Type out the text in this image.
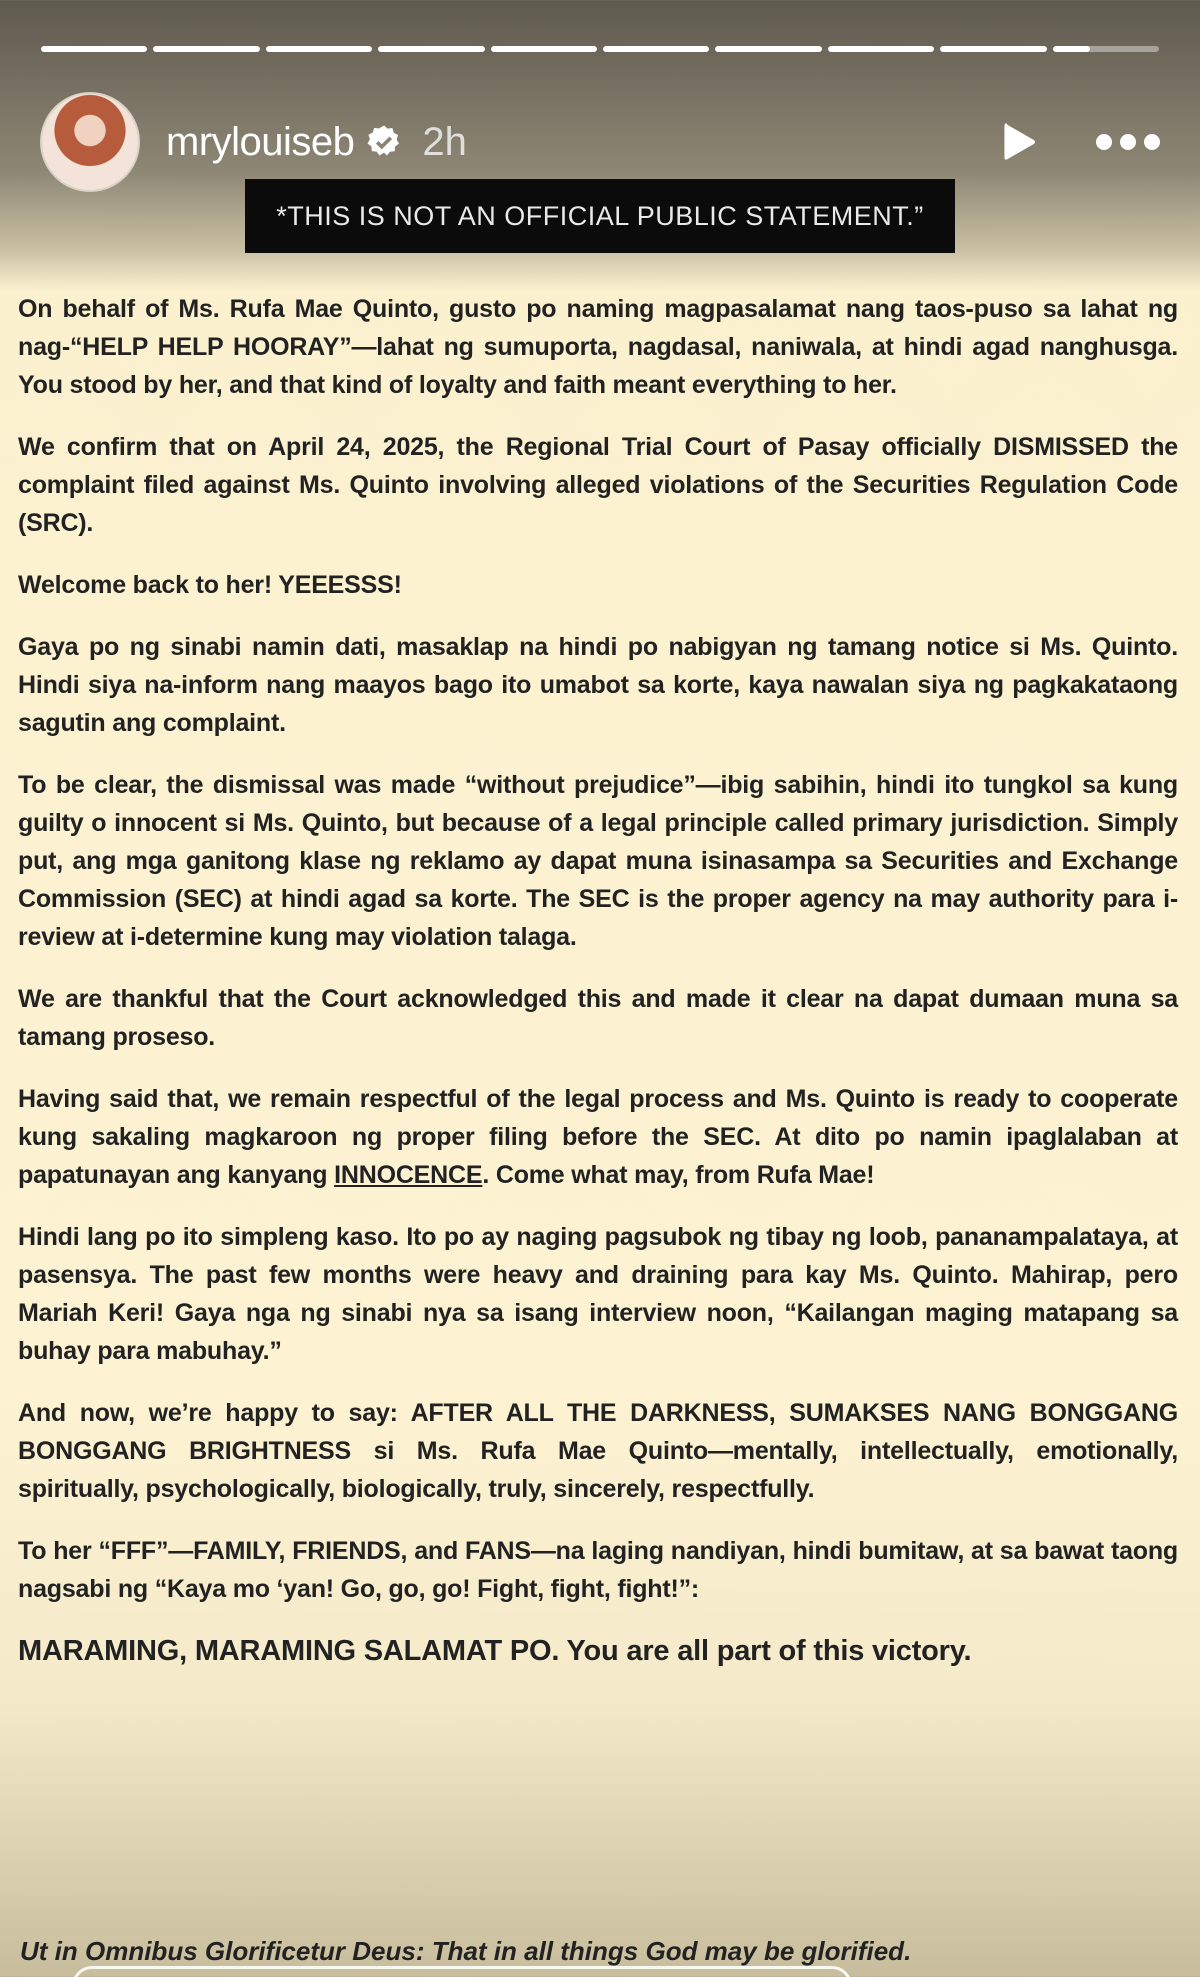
mrylouiseb 2h
*THIS IS NOT AN OFFICIAL PUBLIC STATEMENT.”

On behalf of Ms. Rufa Mae Quinto, gusto po naming magpasalamat nang taos-puso sa lahat ng nag-“HELP HELP HOORAY”—lahat ng sumuporta, nagdasal, naniwala, at hindi agad nanghusga. You stood by her, and that kind of loyalty and faith meant everything to her.

We confirm that on April 24, 2025, the Regional Trial Court of Pasay officially DISMISSED the complaint filed against Ms. Quinto involving alleged violations of the Securities Regulation Code (SRC).

Welcome back to her! YEEESSS!

Gaya po ng sinabi namin dati, masaklap na hindi po nabigyan ng tamang notice si Ms. Quinto. Hindi siya na-inform nang maayos bago ito umabot sa korte, kaya nawalan siya ng pagkakataong sagutin ang complaint.

To be clear, the dismissal was made “without prejudice”—ibig sabihin, hindi ito tungkol sa kung guilty o innocent si Ms. Quinto, but because of a legal principle called primary jurisdiction. Simply put, ang mga ganitong klase ng reklamo ay dapat muna isinasampa sa Securities and Exchange Commission (SEC) at hindi agad sa korte. The SEC is the proper agency na may authority para i-review at i-determine kung may violation talaga.

We are thankful that the Court acknowledged this and made it clear na dapat dumaan muna sa tamang proseso.

Having said that, we remain respectful of the legal process and Ms. Quinto is ready to cooperate kung sakaling magkaroon ng proper filing before the SEC. At dito po namin ipaglalaban at papatunayan ang kanyang INNOCENCE. Come what may, from Rufa Mae!

Hindi lang po ito simpleng kaso. Ito po ay naging pagsubok ng tibay ng loob, pananampalataya, at pasensya. The past few months were heavy and draining para kay Ms. Quinto. Mahirap, pero Mariah Keri! Gaya nga ng sinabi nya sa isang interview noon, “Kailangan maging matapang sa buhay para mabuhay.”

And now, we’re happy to say: AFTER ALL THE DARKNESS, SUMAKSES NANG BONGGANG BONGGANG BRIGHTNESS si Ms. Rufa Mae Quinto—mentally, intellectually, emotionally, spiritually, psychologically, biologically, truly, sincerely, respectfully.

To her “FFF”—FAMILY, FRIENDS, and FANS—na laging nandiyan, hindi bumitaw, at sa bawat taong nagsabi ng “Kaya mo ‘yan! Go, go, go! Fight, fight, fight!”:

MARAMING, MARAMING SALAMAT PO. You are all part of this victory.

Ut in Omnibus Glorificetur Deus: That in all things God may be glorified.
